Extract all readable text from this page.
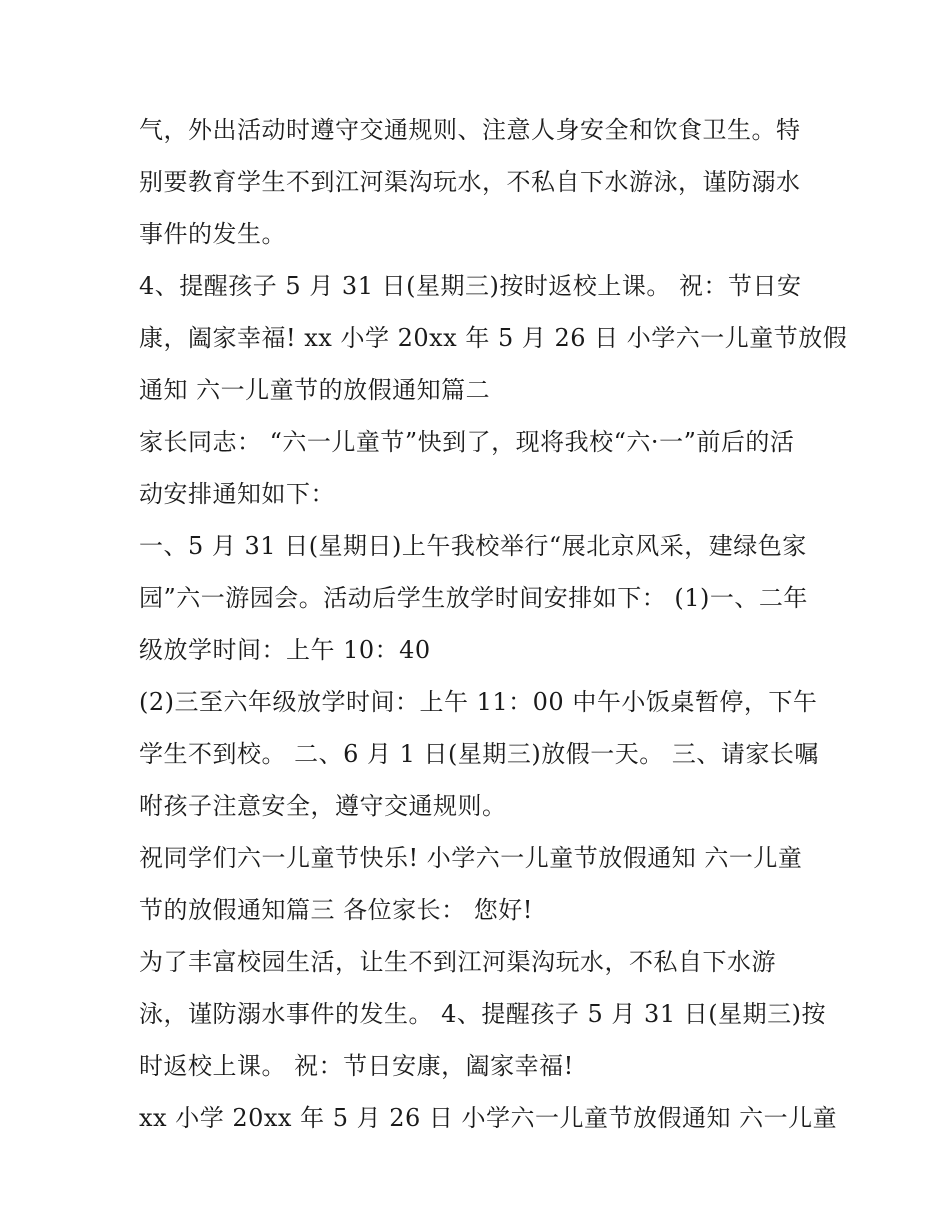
气，外出活动时遵守交通规则、注意人身安全和饮食卫生。特
别要教育学生不到江河渠沟玩水，不私自下水游泳，谨防溺水
事件的发生。
4、提醒孩子 5 月 31 日(星期三)按时返校上课。 祝：节日安
康，阖家幸福! xx 小学 20xx 年 5 月 26 日 小学六一儿童节放假
通知 六一儿童节的放假通知篇二
家长同志： “六一儿童节”快到了，现将我校“六·一”前后的活
动安排通知如下：
一、5 月 31 日(星期日)上午我校举行“展北京风采，建绿色家
园”六一游园会。活动后学生放学时间安排如下： (1)一、二年
级放学时间：上午 10：40
(2)三至六年级放学时间：上午 11：00 中午小饭桌暂停，下午
学生不到校。 二、6 月 1 日(星期三)放假一天。 三、请家长嘱
咐孩子注意安全，遵守交通规则。
祝同学们六一儿童节快乐! 小学六一儿童节放假通知 六一儿童
节的放假通知篇三 各位家长： 您好!
为了丰富校园生活，让生不到江河渠沟玩水，不私自下水游
泳，谨防溺水事件的发生。 4、提醒孩子 5 月 31 日(星期三)按
时返校上课。 祝：节日安康，阖家幸福!
xx 小学 20xx 年 5 月 26 日 小学六一儿童节放假通知 六一儿童
